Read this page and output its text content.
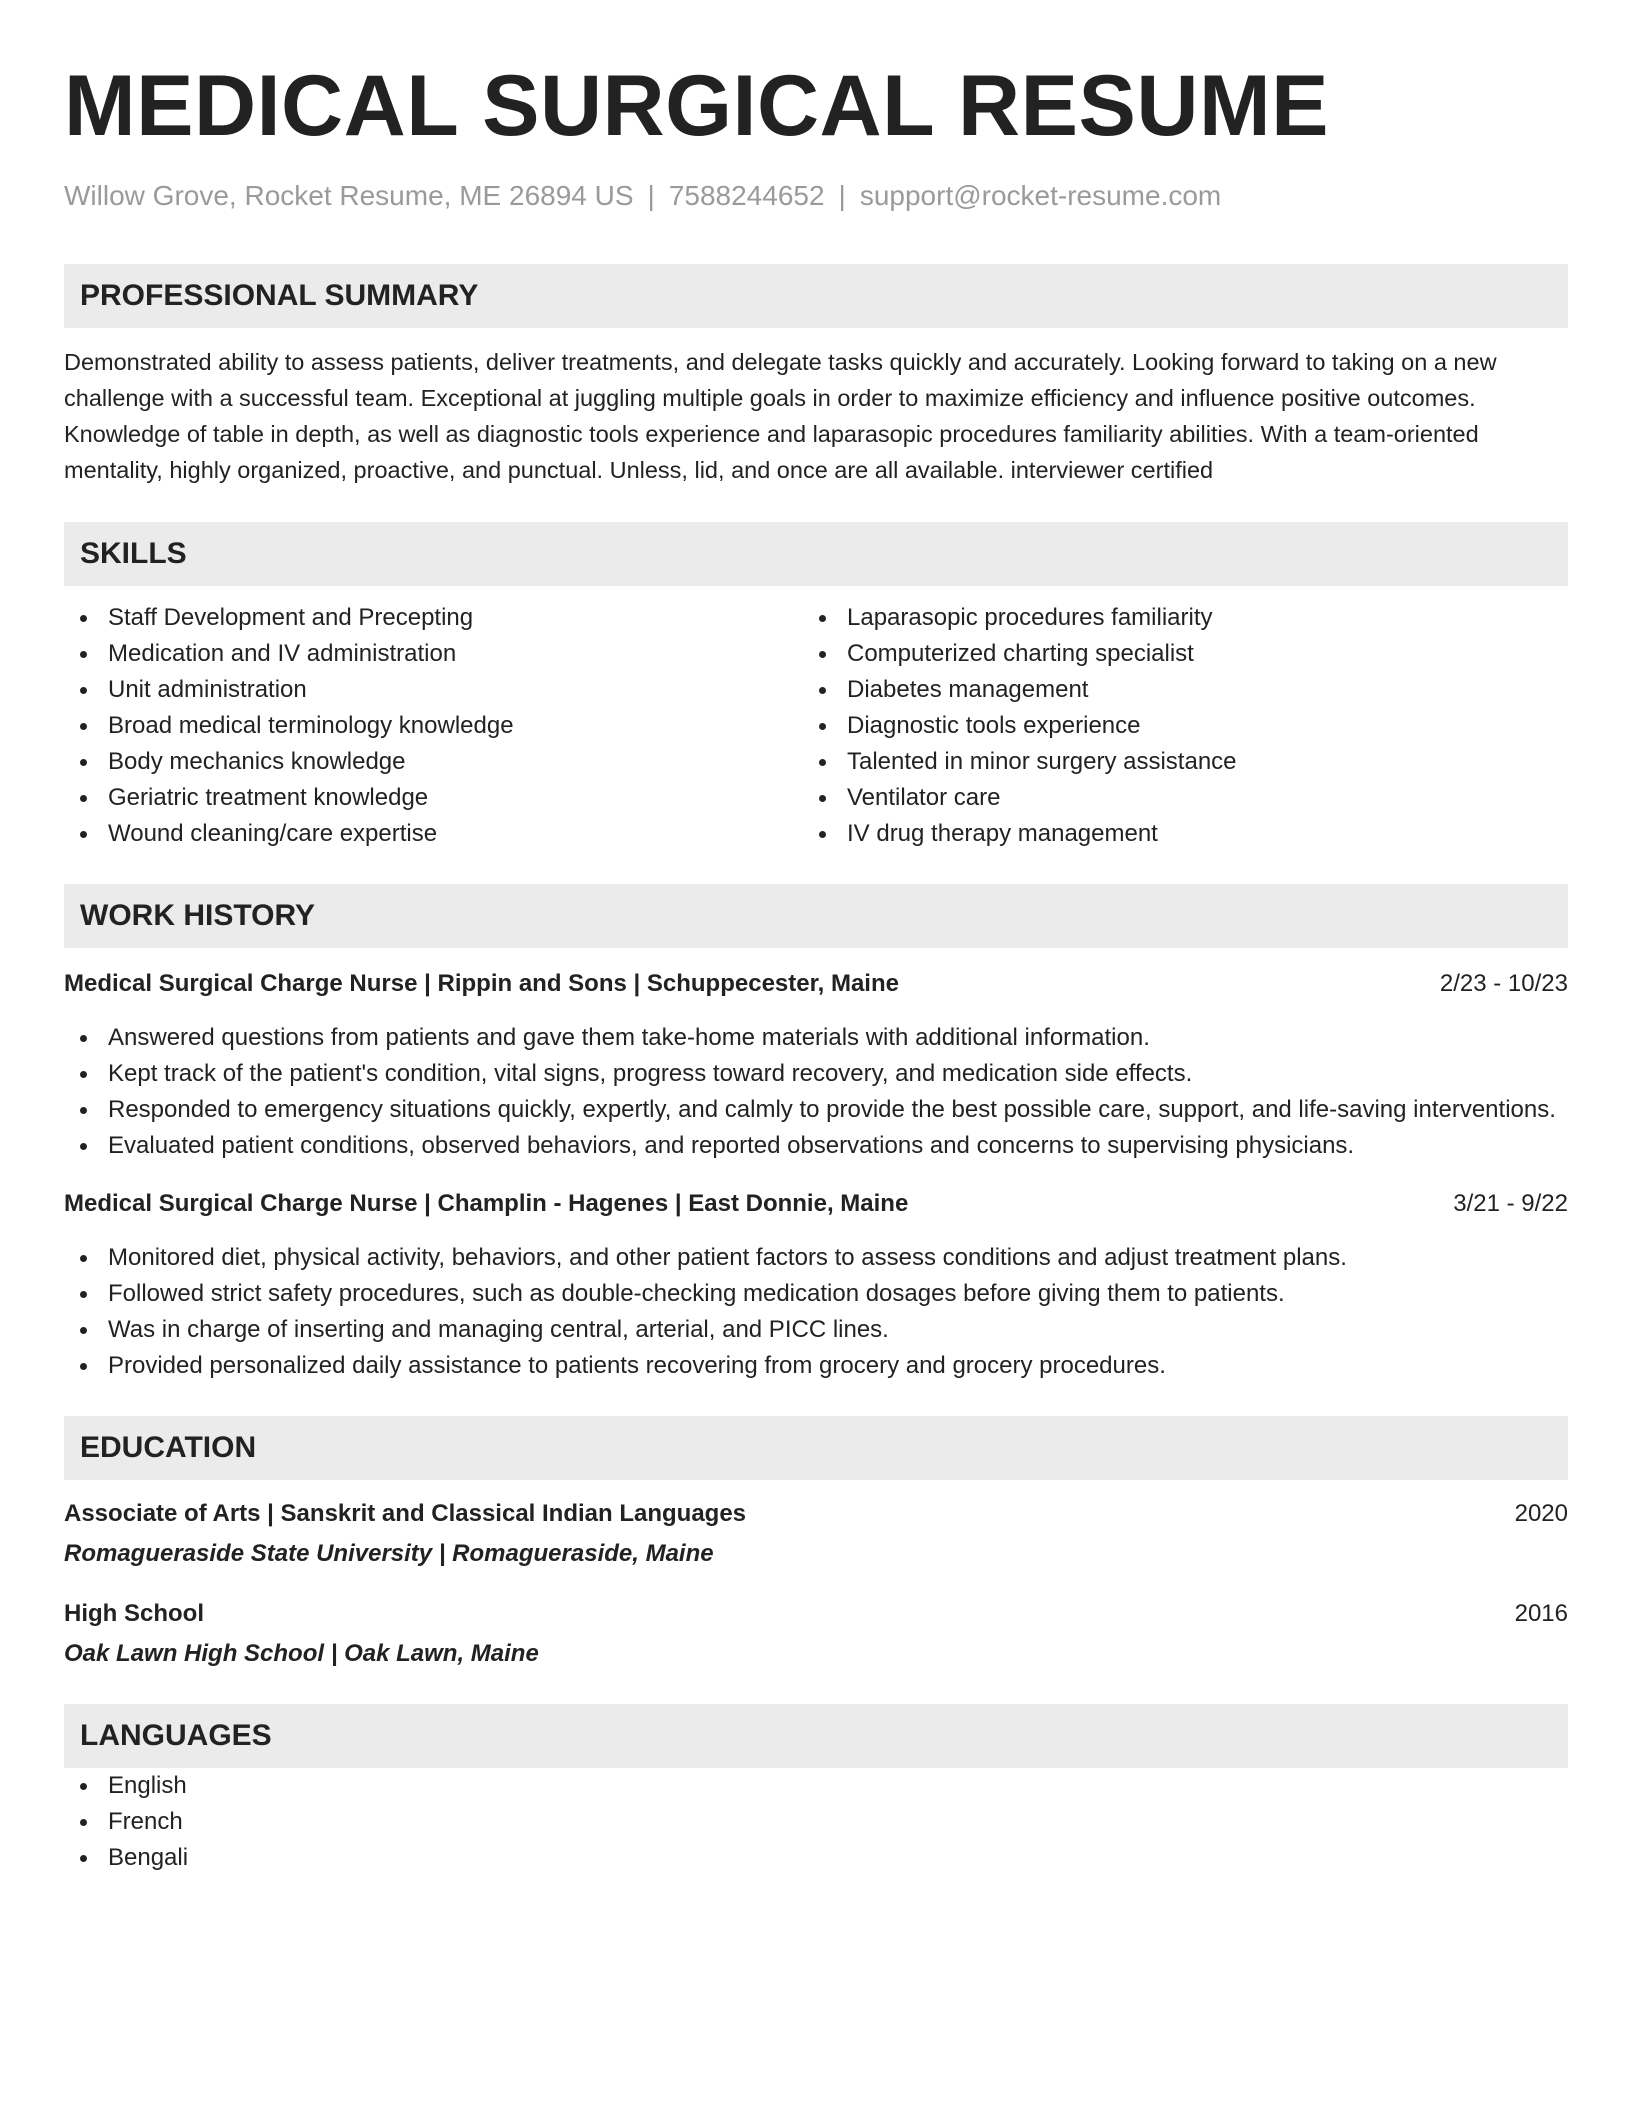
MEDICAL SURGICAL RESUME
Willow Grove, Rocket Resume, ME 26894 US | 7588244652 | support@rocket-resume.com
PROFESSIONAL SUMMARY
Demonstrated ability to assess patients, deliver treatments, and delegate tasks quickly and accurately. Looking forward to taking on a new challenge with a successful team. Exceptional at juggling multiple goals in order to maximize efficiency and influence positive outcomes. Knowledge of table in depth, as well as diagnostic tools experience and laparasopic procedures familiarity abilities. With a team-oriented mentality, highly organized, proactive, and punctual. Unless, lid, and once are all available. interviewer certified
SKILLS
Staff Development and Precepting
Medication and IV administration
Unit administration
Broad medical terminology knowledge
Body mechanics knowledge
Geriatric treatment knowledge
Wound cleaning/care expertise
Laparasopic procedures familiarity
Computerized charting specialist
Diabetes management
Diagnostic tools experience
Talented in minor surgery assistance
Ventilator care
IV drug therapy management
WORK HISTORY
Medical Surgical Charge Nurse | Rippin and Sons | Schuppecester, Maine	2/23 - 10/23
Answered questions from patients and gave them take-home materials with additional information.
Kept track of the patient's condition, vital signs, progress toward recovery, and medication side effects.
Responded to emergency situations quickly, expertly, and calmly to provide the best possible care, support, and life-saving interventions.
Evaluated patient conditions, observed behaviors, and reported observations and concerns to supervising physicians.
Medical Surgical Charge Nurse | Champlin - Hagenes | East Donnie, Maine	3/21 - 9/22
Monitored diet, physical activity, behaviors, and other patient factors to assess conditions and adjust treatment plans.
Followed strict safety procedures, such as double-checking medication dosages before giving them to patients.
Was in charge of inserting and managing central, arterial, and PICC lines.
Provided personalized daily assistance to patients recovering from grocery and grocery procedures.
EDUCATION
Associate of Arts | Sanskrit and Classical Indian Languages	2020
Romagueraside State University | Romagueraside, Maine
High School	2016
Oak Lawn High School | Oak Lawn, Maine
LANGUAGES
English
French
Bengali
